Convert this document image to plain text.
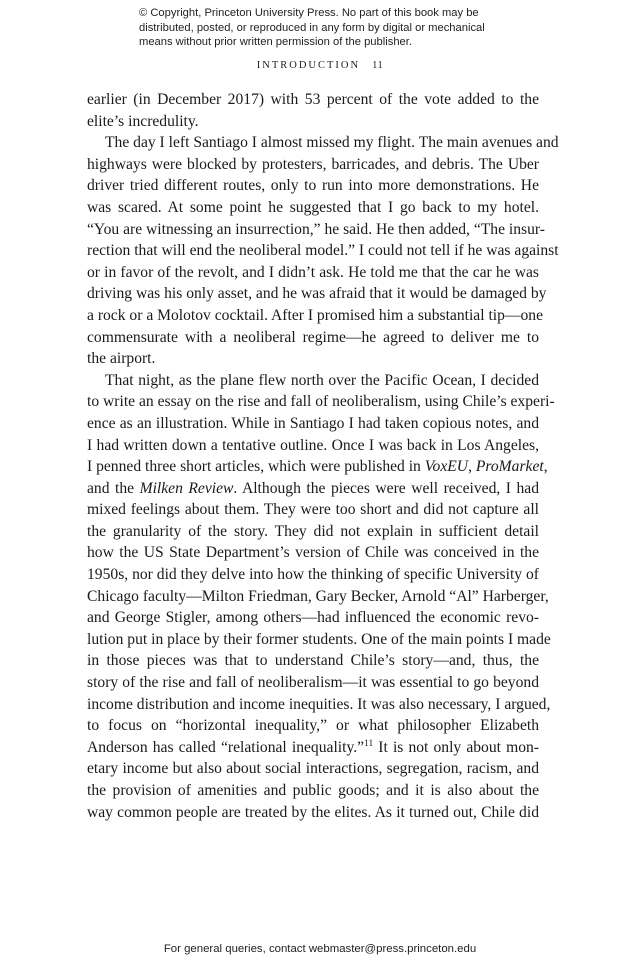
© Copyright, Princeton University Press. No part of this book may be
distributed, posted, or reproduced in any form by digital or mechanical
means without prior written permission of the publisher.
INTRODUCTION 11
earlier (in December 2017) with 53 percent of the vote added to the
elite’s incredulity.
The day I left Santiago I almost missed my flight. The main avenues and
highways were blocked by protesters, barricades, and debris. The Uber
driver tried different routes, only to run into more demonstrations. He
was scared. At some point he suggested that I go back to my hotel.
“You are witnessing an insurrection,” he said. He then added, “The insur-
rection that will end the neoliberal model.” I could not tell if he was against
or in favor of the revolt, and I didn’t ask. He told me that the car he was
driving was his only asset, and he was afraid that it would be damaged by
a rock or a Molotov cocktail. After I promised him a substantial tip—one
commensurate with a neoliberal regime—he agreed to deliver me to
the airport.
That night, as the plane flew north over the Pacific Ocean, I decided
to write an essay on the rise and fall of neoliberalism, using Chile’s experi-
ence as an illustration. While in Santiago I had taken copious notes, and
I had written down a tentative outline. Once I was back in Los Angeles,
I penned three short articles, which were published in VoxEU, ProMarket,
and the Milken Review. Although the pieces were well received, I had
mixed feelings about them. They were too short and did not capture all
the granularity of the story. They did not explain in sufficient detail
how the US State Department’s version of Chile was conceived in the
1950s, nor did they delve into how the thinking of specific University of
Chicago faculty—Milton Friedman, Gary Becker, Arnold “Al” Harberger,
and George Stigler, among others—had influenced the economic revo-
lution put in place by their former students. One of the main points I made
in those pieces was that to understand Chile’s story—and, thus, the
story of the rise and fall of neoliberalism—it was essential to go beyond
income distribution and income inequities. It was also necessary, I argued,
to focus on “horizontal inequality,” or what philosopher Elizabeth
Anderson has called “relational inequality.”$^{11}$ It is not only about mon-
etary income but also about social interactions, segregation, racism, and
the provision of amenities and public goods; and it is also about the
way common people are treated by the elites. As it turned out, Chile did
For general queries, contact webmaster@press.princeton.edu
